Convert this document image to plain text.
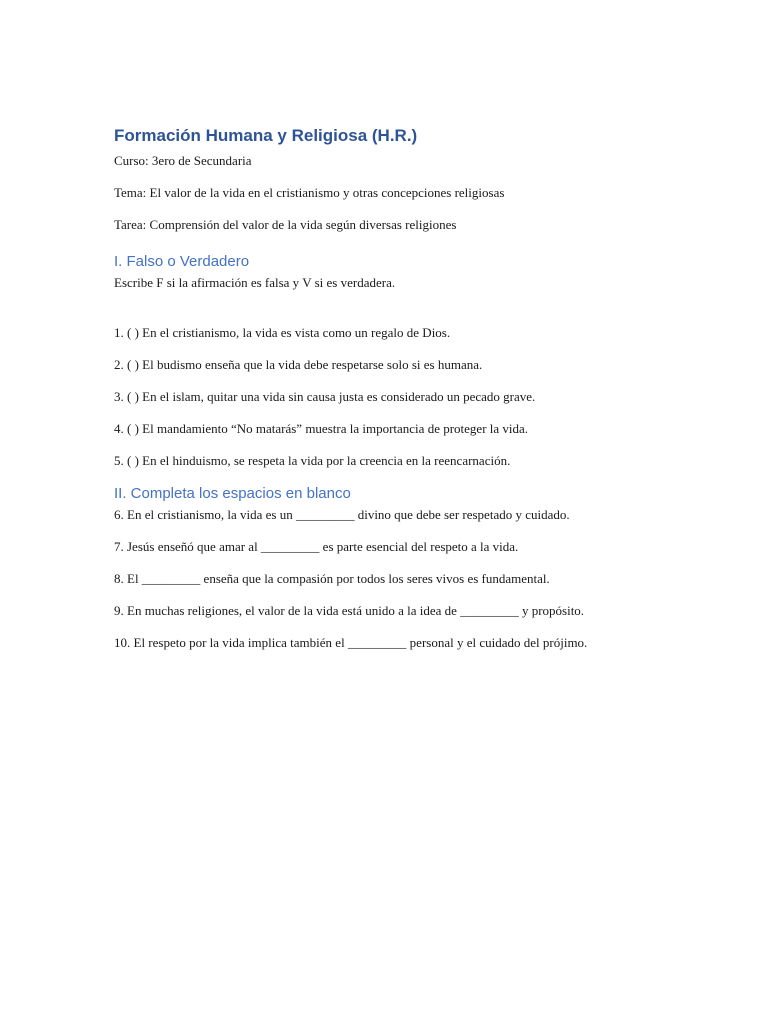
Formación Humana y Religiosa (H.R.)

Curso: 3ero de Secundaria

Tema: El valor de la vida en el cristianismo y otras concepciones religiosas

Tarea: Comprensión del valor de la vida según diversas religiones

I. Falso o Verdadero

Escribe F si la afirmación es falsa y V si es verdadera.

1. ( ) En el cristianismo, la vida es vista como un regalo de Dios.

2. ( ) El budismo enseña que la vida debe respetarse solo si es humana.

3. ( ) En el islam, quitar una vida sin causa justa es considerado un pecado grave.

4. ( ) El mandamiento “No matarás” muestra la importancia de proteger la vida.

5. ( ) En el hinduismo, se respeta la vida por la creencia en la reencarnación.

II. Completa los espacios en blanco

6. En el cristianismo, la vida es un _________ divino que debe ser respetado y cuidado.

7. Jesús enseñó que amar al _________ es parte esencial del respeto a la vida.

8. El _________ enseña que la compasión por todos los seres vivos es fundamental.

9. En muchas religiones, el valor de la vida está unido a la idea de _________ y propósito.

10. El respeto por la vida implica también el _________ personal y el cuidado del prójimo.
